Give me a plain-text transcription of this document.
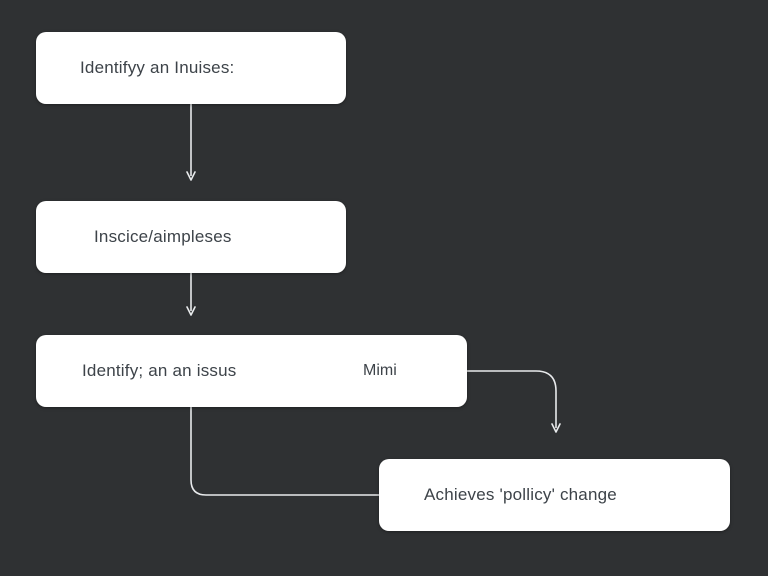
Identifyy an Inuises:
Inscice/aimpleses
Identify; an an issus	Mimi
Achieves 'pollicy' change
